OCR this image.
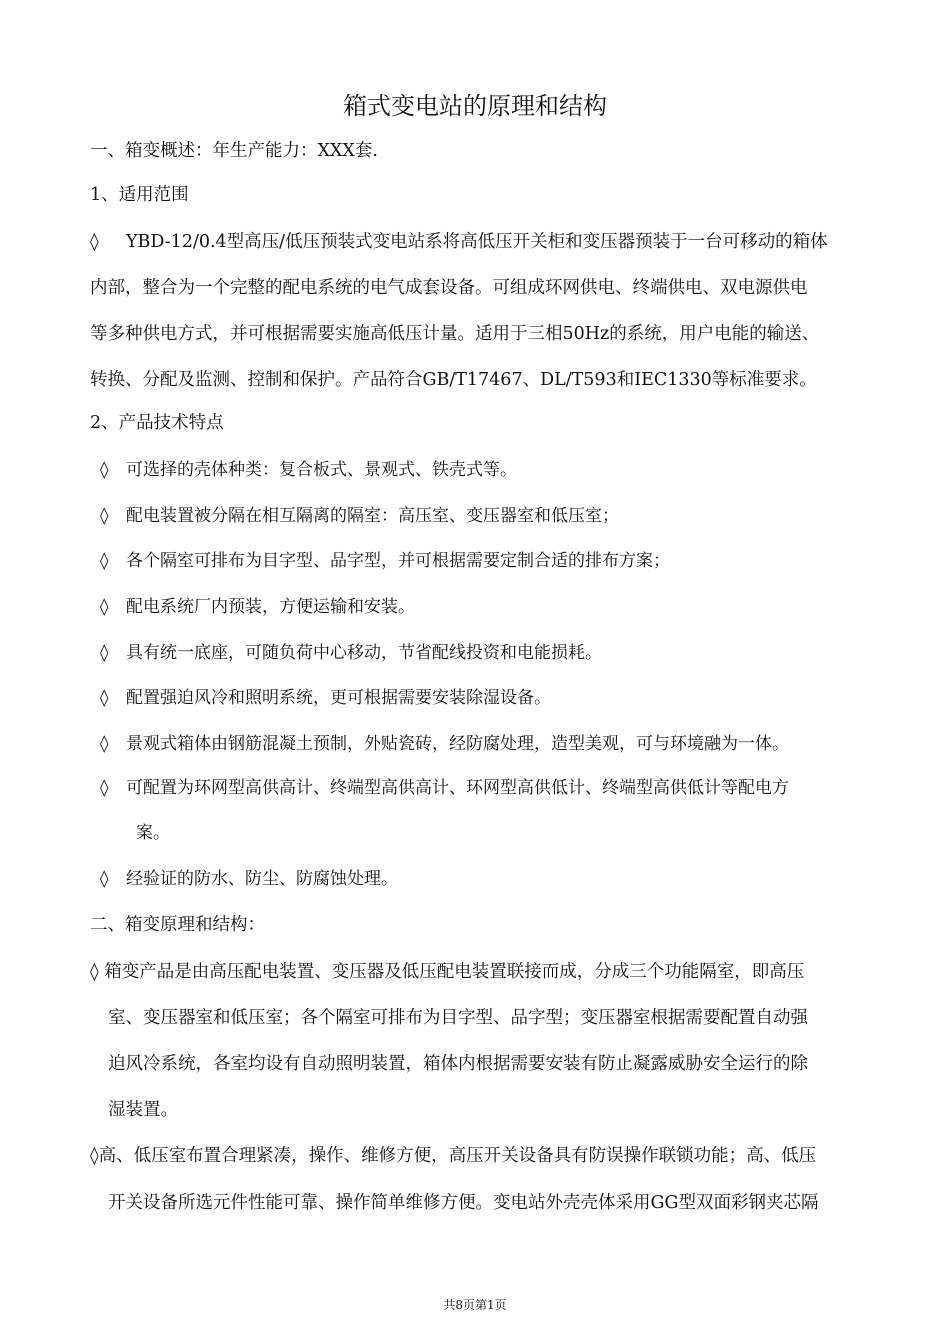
箱式变电站的原理和结构
一、箱变概述：年生产能力：XXX套.
1、适用范围
◊ YBD-12/0.4型高压/低压预装式变电站系将高低压开关柜和变压器预装于一台可移动的箱体
内部，整合为一个完整的配电系统的电气成套设备。可组成环网供电、终端供电、双电源供电
等多种供电方式，并可根据需要实施高低压计量。适用于三相50Hz的系统，用户电能的输送、
转换、分配及监测、控制和保护。产品符合GB/T17467、DL/T593和IEC1330等标准要求。
2、产品技术特点
◊ 可选择的壳体种类：复合板式、景观式、铁壳式等。
◊ 配电装置被分隔在相互隔离的隔室：高压室、变压器室和低压室；
◊ 各个隔室可排布为目字型、品字型，并可根据需要定制合适的排布方案；
◊ 配电系统厂内预装，方便运输和安装。
◊ 具有统一底座，可随负荷中心移动，节省配线投资和电能损耗。
◊ 配置强迫风冷和照明系统，更可根据需要安装除湿设备。
◊ 景观式箱体由钢筋混凝土预制，外贴瓷砖，经防腐处理，造型美观，可与环境融为一体。
◊ 可配置为环网型高供高计、终端型高供高计、环网型高供低计、终端型高供低计等配电方
案。
◊ 经验证的防水、防尘、防腐蚀处理。
二、箱变原理和结构：
◊ 箱变产品是由高压配电装置、变压器及低压配电装置联接而成，分成三个功能隔室，即高压
室、变压器室和低压室；各个隔室可排布为目字型、品字型；变压器室根据需要配置自动强
迫风冷系统，各室均设有自动照明装置，箱体内根据需要安装有防止凝露威胁安全运行的除
湿装置。
◊高、低压室布置合理紧凑，操作、维修方便，高压开关设备具有防误操作联锁功能；高、低压
开关设备所选元件性能可靠、操作简单维修方便。变电站外壳壳体采用GG型双面彩钢夹芯隔
共8页第1页
